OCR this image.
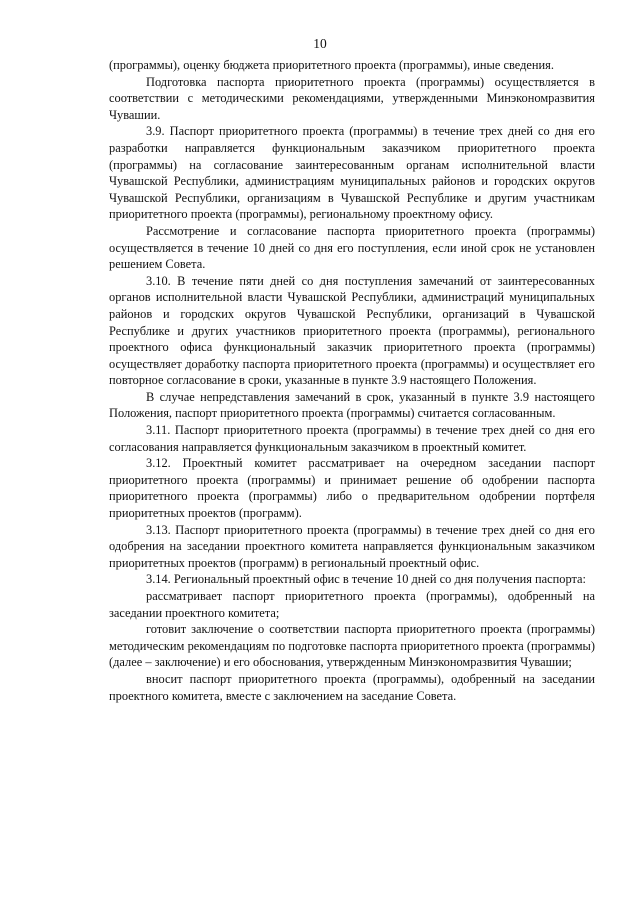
10

(программы), оценку бюджета приоритетного проекта (программы), иные сведения.

Подготовка паспорта приоритетного проекта (программы) осуществляется в соответствии с методическими рекомендациями, утвержденными Минэкономразвития Чувашии.

3.9. Паспорт приоритетного проекта (программы) в течение трех дней со дня его разработки направляется функциональным заказчиком приоритетного проекта (программы) на согласование заинтересованным органам исполнительной власти Чувашской Республики, администрациям муниципальных районов и городских округов Чувашской Республики, организациям в Чувашской Республике и другим участникам приоритетного проекта (программы), региональному проектному офису.

Рассмотрение и согласование паспорта приоритетного проекта (программы) осуществляется в течение 10 дней со дня его поступления, если иной срок не установлен решением Совета.

3.10. В течение пяти дней со дня поступления замечаний от заинтересованных органов исполнительной власти Чувашской Республики, администраций муниципальных районов и городских округов Чувашской Республики, организаций в Чувашской Республике и других участников приоритетного проекта (программы), регионального проектного офиса функциональный заказчик приоритетного проекта (программы) осуществляет доработку паспорта приоритетного проекта (программы) и осуществляет его повторное согласование в сроки, указанные в пункте 3.9 настоящего Положения.

В случае непредставления замечаний в срок, указанный в пункте 3.9 настоящего Положения, паспорт приоритетного проекта (программы) считается согласованным.

3.11. Паспорт приоритетного проекта (программы) в течение трех дней со дня его согласования направляется функциональным заказчиком в проектный комитет.

3.12. Проектный комитет рассматривает на очередном заседании паспорт приоритетного проекта (программы) и принимает решение об одобрении паспорта приоритетного проекта (программы) либо о предварительном одобрении портфеля приоритетных проектов (программ).

3.13. Паспорт приоритетного проекта (программы) в течение трех дней со дня его одобрения на заседании проектного комитета направляется функциональным заказчиком приоритетных проектов (программ) в региональный проектный офис.

3.14. Региональный проектный офис в течение 10 дней со дня получения паспорта:

рассматривает паспорт приоритетного проекта (программы), одобренный на заседании проектного комитета;

готовит заключение о соответствии паспорта приоритетного проекта (программы) методическим рекомендациям по подготовке паспорта приоритетного проекта (программы) (далее – заключение) и его обоснования, утвержденным Минэкономразвития Чувашии;

вносит паспорт приоритетного проекта (программы), одобренный на заседании проектного комитета, вместе с заключением на заседание Совета.
